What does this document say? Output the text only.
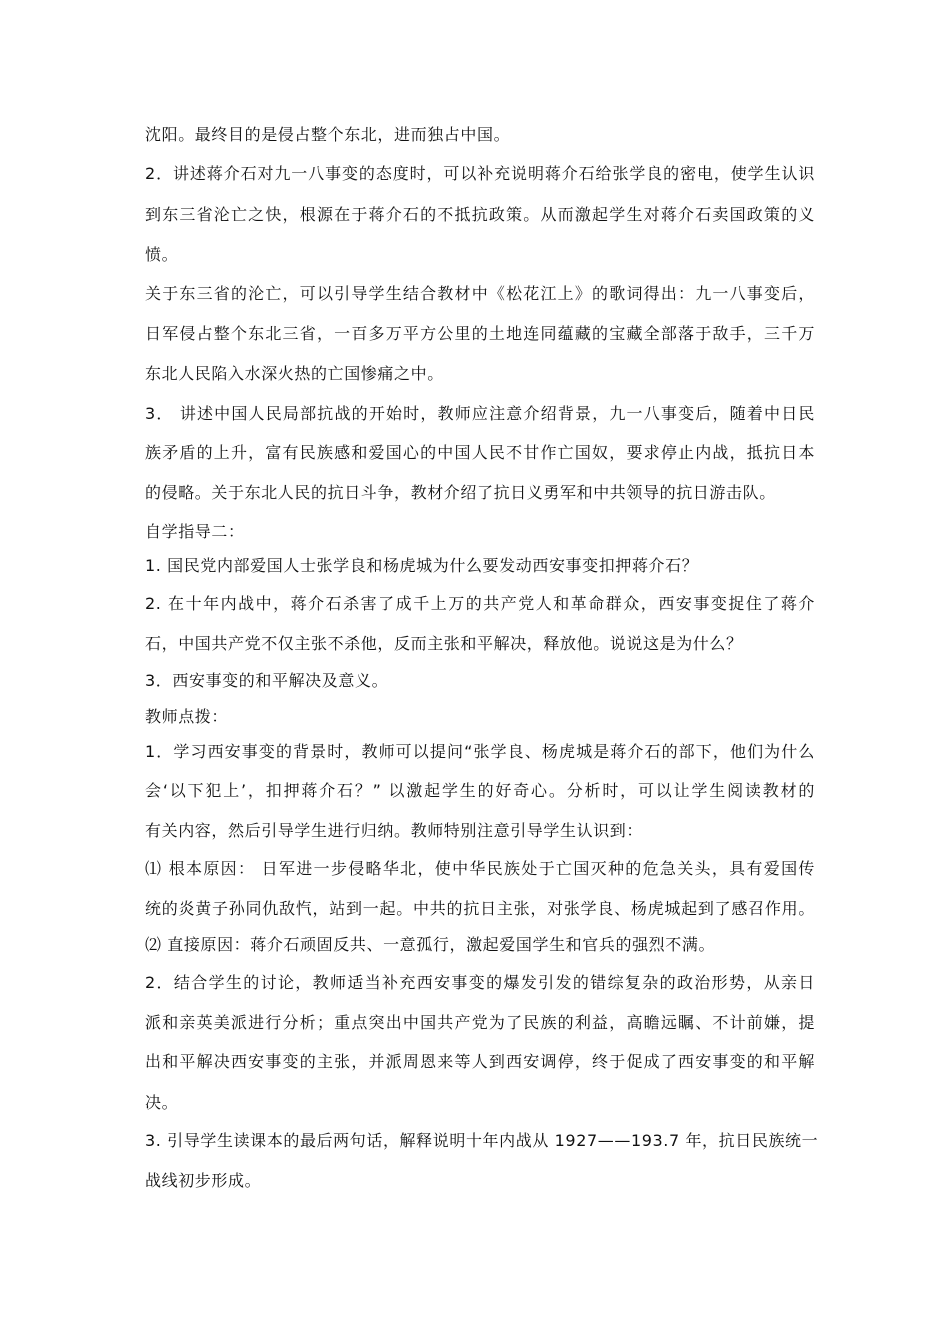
沈阳。最终目的是侵占整个东北，进而独占中国。
2．讲述蒋介石对九一八事变的态度时，可以补充说明蒋介石给张学良的密电，使学生认识
到东三省沦亡之快，根源在于蒋介石的不抵抗政策。从而激起学生对蒋介石卖国政策的义
愤。
关于东三省的沦亡，可以引导学生结合教材中《松花江上》的歌词得出：九一八事变后，
日军侵占整个东北三省，一百多万平方公里的土地连同蕴藏的宝藏全部落于敌手，三千万
东北人民陷入水深火热的亡国惨痛之中。
3． 讲述中国人民局部抗战的开始时，教师应注意介绍背景，九一八事变后，随着中日民
族矛盾的上升，富有民族感和爱国心的中国人民不甘作亡国奴，要求停止内战，抵抗日本
的侵略。关于东北人民的抗日斗争，教材介绍了抗日义勇军和中共领导的抗日游击队。
自学指导二：
1. 国民党内部爱国人士张学良和杨虎城为什么要发动西安事变扣押蒋介石？
2. 在十年内战中，蒋介石杀害了成千上万的共产党人和革命群众，西安事变捉住了蒋介
石，中国共产党不仅主张不杀他，反而主张和平解决，释放他。说说这是为什么？
3．西安事变的和平解决及意义。
教师点拨：
1．学习西安事变的背景时，教师可以提问“张学良、杨虎城是蒋介石的部下，他们为什么
会‘以下犯上’，扣押蒋介石？” 以激起学生的好奇心。分析时，可以让学生阅读教材的
有关内容，然后引导学生进行归纳。教师特别注意引导学生认识到：
⑴ 根本原因： 日军进一步侵略华北，使中华民族处于亡国灭种的危急关头，具有爱国传
统的炎黄子孙同仇敌忾，站到一起。中共的抗日主张，对张学良、杨虎城起到了感召作用。
⑵ 直接原因：蒋介石顽固反共、一意孤行，激起爱国学生和官兵的强烈不满。
2．结合学生的讨论，教师适当补充西安事变的爆发引发的错综复杂的政治形势，从亲日
派和亲英美派进行分析；重点突出中国共产党为了民族的利益，高瞻远瞩、不计前嫌，提
出和平解决西安事变的主张，并派周恩来等人到西安调停，终于促成了西安事变的和平解
决。
3. 引导学生读课本的最后两句话，解释说明十年内战从 1927——193.7 年，抗日民族统一
战线初步形成。
